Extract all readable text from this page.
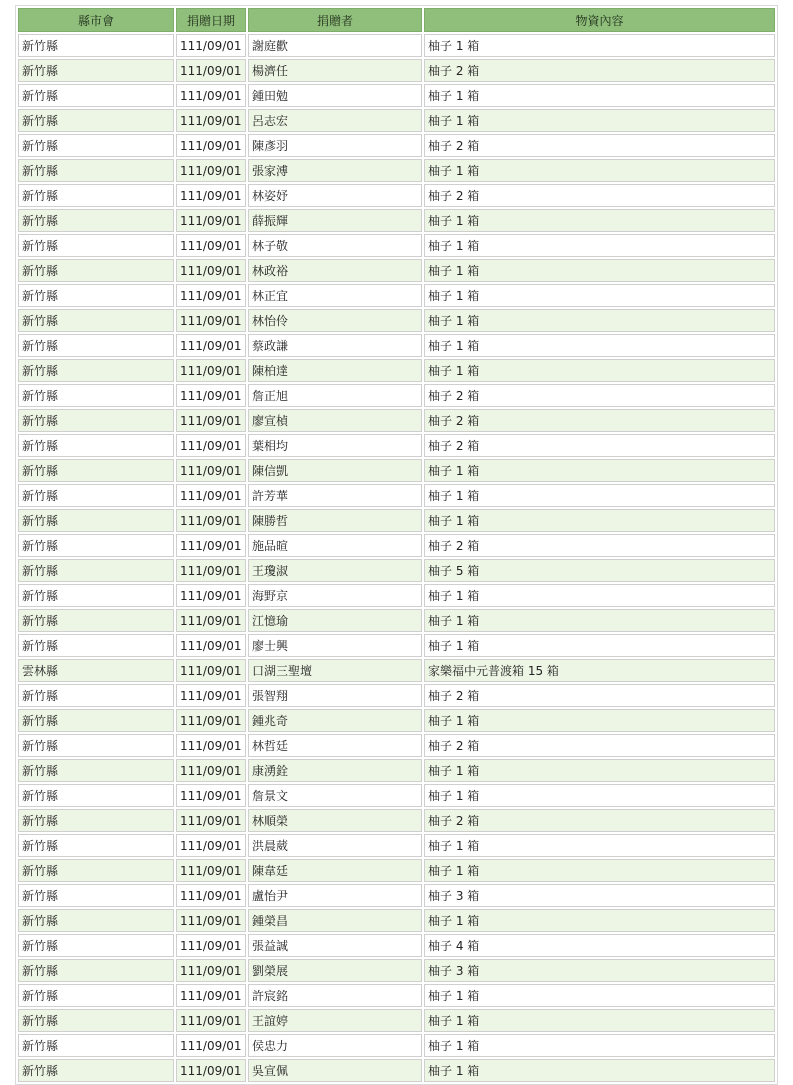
縣市會	捐贈日期	捐贈者	物資內容
新竹縣	111/09/01	謝庭歡	柚子 1 箱
新竹縣	111/09/01	楊濟任	柚子 2 箱
新竹縣	111/09/01	鍾田勉	柚子 1 箱
新竹縣	111/09/01	呂志宏	柚子 1 箱
新竹縣	111/09/01	陳彥羽	柚子 2 箱
新竹縣	111/09/01	張家溥	柚子 1 箱
新竹縣	111/09/01	林姿妤	柚子 2 箱
新竹縣	111/09/01	薛振輝	柚子 1 箱
新竹縣	111/09/01	林子敬	柚子 1 箱
新竹縣	111/09/01	林政裕	柚子 1 箱
新竹縣	111/09/01	林正宜	柚子 1 箱
新竹縣	111/09/01	林怡伶	柚子 1 箱
新竹縣	111/09/01	蔡政謙	柚子 1 箱
新竹縣	111/09/01	陳柏達	柚子 1 箱
新竹縣	111/09/01	詹正旭	柚子 2 箱
新竹縣	111/09/01	廖宣楨	柚子 2 箱
新竹縣	111/09/01	葉相均	柚子 2 箱
新竹縣	111/09/01	陳信凱	柚子 1 箱
新竹縣	111/09/01	許芳華	柚子 1 箱
新竹縣	111/09/01	陳勝哲	柚子 1 箱
新竹縣	111/09/01	施品暄	柚子 2 箱
新竹縣	111/09/01	王瓊淑	柚子 5 箱
新竹縣	111/09/01	海野京	柚子 1 箱
新竹縣	111/09/01	江憶瑜	柚子 1 箱
新竹縣	111/09/01	廖士興	柚子 1 箱
雲林縣	111/09/01	口湖三聖壇	家樂福中元普渡箱 15 箱
新竹縣	111/09/01	張智翔	柚子 2 箱
新竹縣	111/09/01	鍾兆奇	柚子 1 箱
新竹縣	111/09/01	林哲廷	柚子 2 箱
新竹縣	111/09/01	康湧銓	柚子 1 箱
新竹縣	111/09/01	詹景文	柚子 1 箱
新竹縣	111/09/01	林順榮	柚子 2 箱
新竹縣	111/09/01	洪晨葳	柚子 1 箱
新竹縣	111/09/01	陳韋廷	柚子 1 箱
新竹縣	111/09/01	盧怡尹	柚子 3 箱
新竹縣	111/09/01	鍾榮昌	柚子 1 箱
新竹縣	111/09/01	張益誠	柚子 4 箱
新竹縣	111/09/01	劉榮展	柚子 3 箱
新竹縣	111/09/01	許宸銘	柚子 1 箱
新竹縣	111/09/01	王誼婷	柚子 1 箱
新竹縣	111/09/01	侯忠力	柚子 1 箱
新竹縣	111/09/01	吳宣佩	柚子 1 箱
